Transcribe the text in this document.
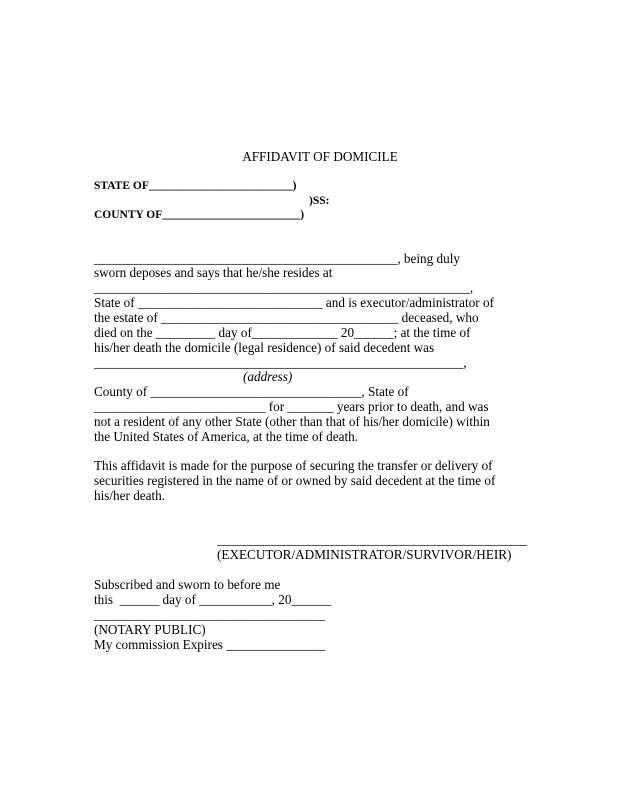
AFFIDAVIT OF DOMICILE
STATE OF_________________________)
)SS:
COUNTY OF________________________)
______________________________________________, being duly
sworn deposes and says that he/she resides at
_________________________________________________________,
State of ____________________________ and is executor/administrator of
the estate of ____________________________________ deceased, who
died on the _________ day of_____________ 20______; at the time of
his/her death the domicile (legal residence) of said decedent was
________________________________________________________,
(address)
County of ________________________________, State of
__________________________ for _______ years prior to death, and was
not a resident of any other State (other than that of his/her domicile) within
the United States of America, at the time of death.
This affidavit is made for the purpose of securing the transfer or delivery of
securities registered in the name of or owned by said decedent at the time of
his/her death.
_______________________________________________
(EXECUTOR/ADMINISTRATOR/SURVIVOR/HEIR)
Subscribed and sworn to before me
this  ______ day of ___________, 20______
___________________________________
(NOTARY PUBLIC)
My commission Expires _______________
